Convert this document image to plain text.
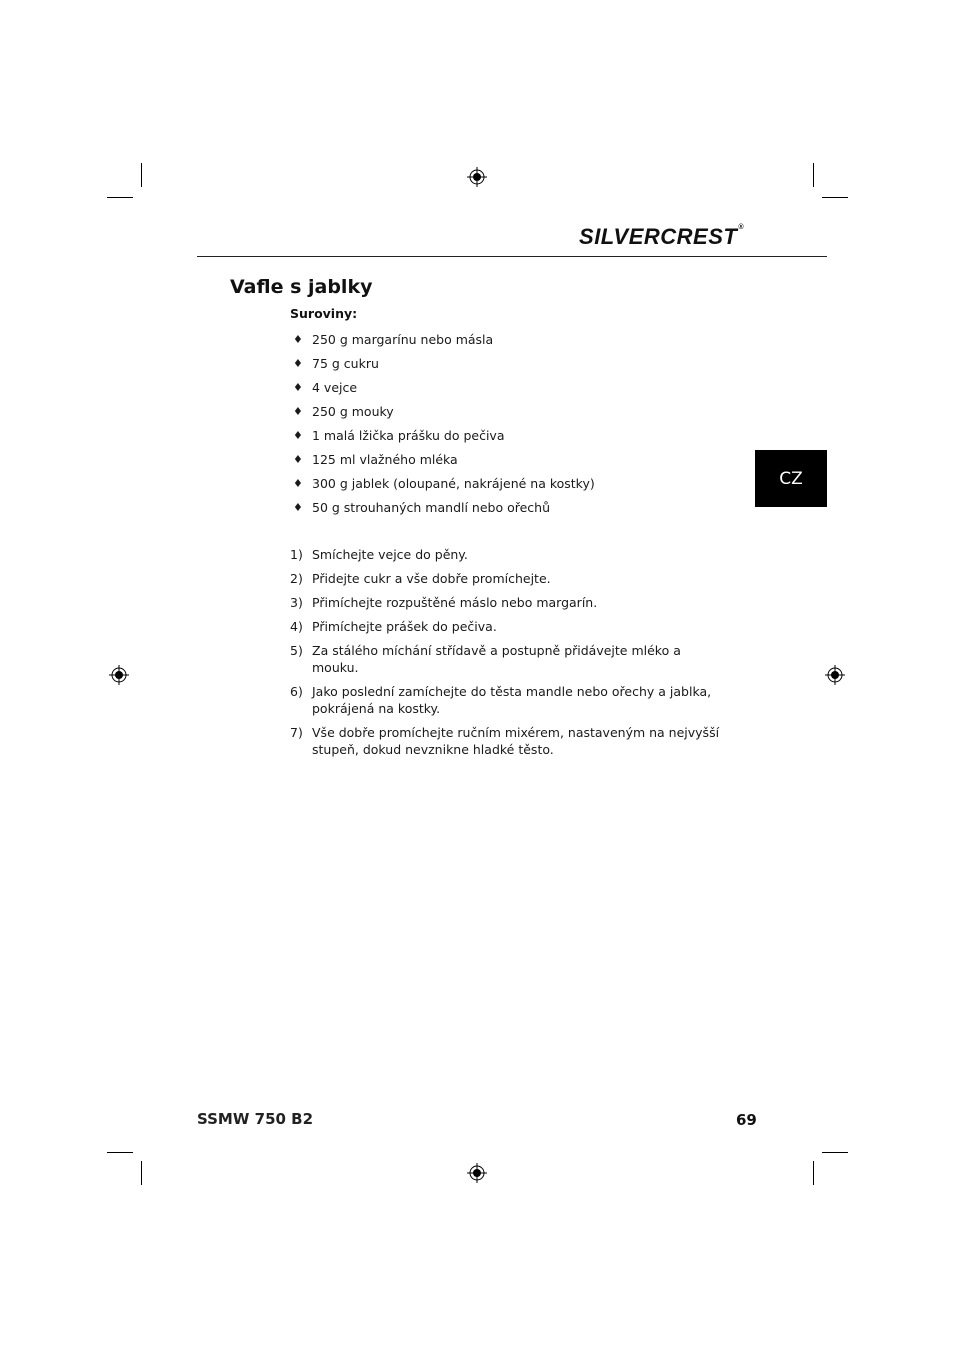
SILVERCREST®
Vafle s jablky
Suroviny:
♦ 250 g margarínu nebo másla
♦ 75 g cukru
♦ 4 vejce
♦ 250 g mouky
♦ 1 malá lžička prášku do pečiva
♦ 125 ml vlažného mléka
♦ 300 g jablek (oloupané, nakrájené na kostky)
♦ 50 g strouhaných mandlí nebo ořechů
1) Smíchejte vejce do pěny.
2) Přidejte cukr a vše dobře promíchejte.
3) Přimíchejte rozpuštěné máslo nebo margarín.
4) Přimíchejte prášek do pečiva.
5) Za stálého míchání střídavě a postupně přidávejte mléko a mouku.
6) Jako poslední zamíchejte do těsta mandle nebo ořechy a jablka, pokrájená na kostky.
7) Vše dobře promíchejte ručním mixérem, nastaveným na nejvyšší stupeň, dokud nevznikne hladké těsto.
CZ
SSMW 750 B2	69
